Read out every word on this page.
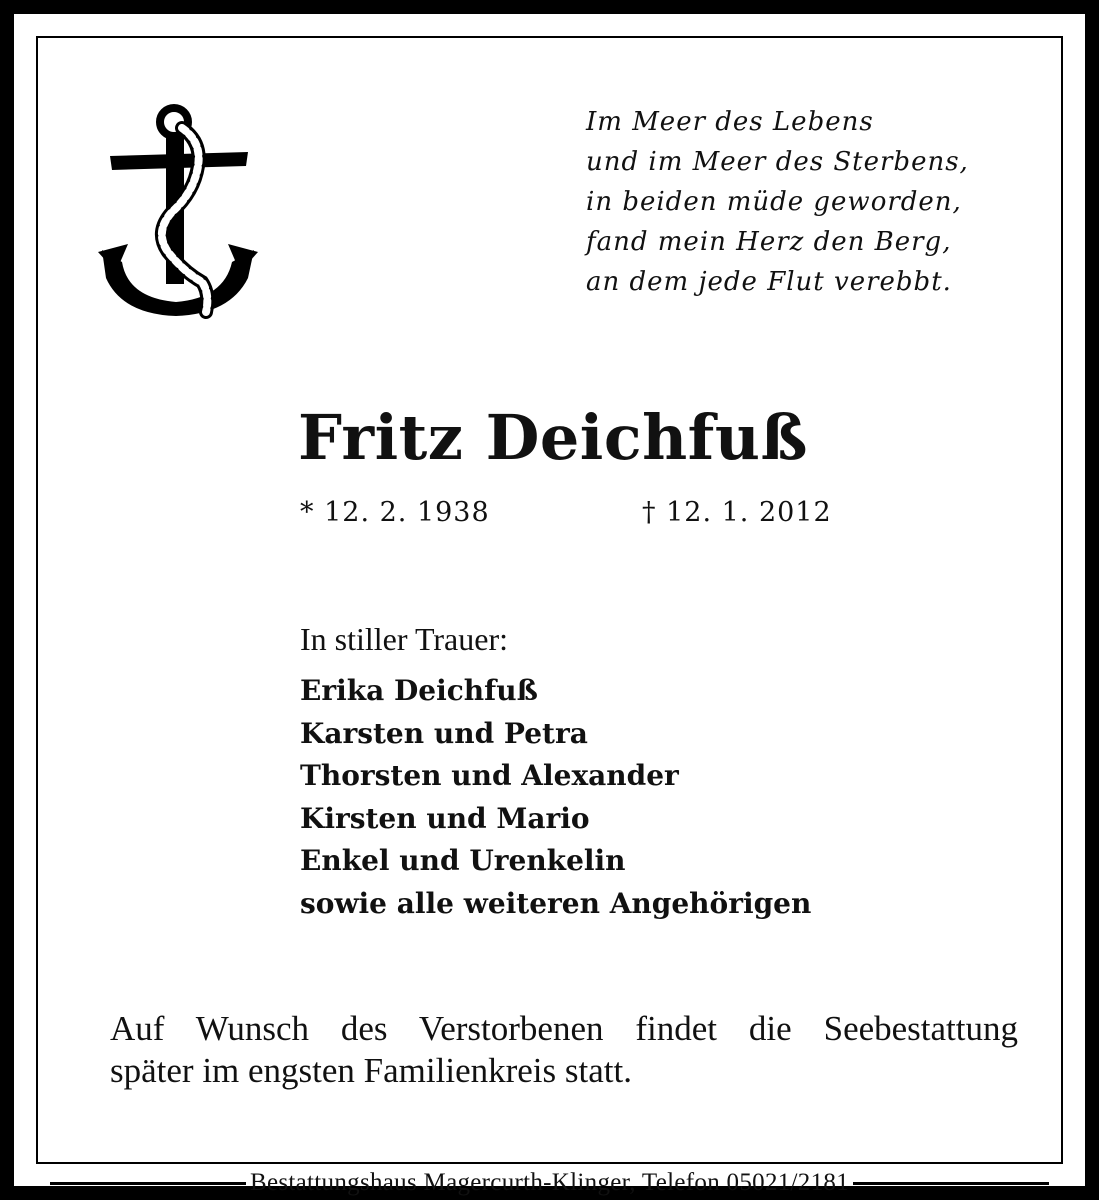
Im Meer des Lebens
und im Meer des Sterbens,
in beiden müde geworden,
fand mein Herz den Berg,
an dem jede Flut verebbt.
Fritz Deichfuß
* 12. 2. 1938	† 12. 1. 2012
In stiller Trauer:
Erika Deichfuß
Karsten und Petra
Thorsten und Alexander
Kirsten und Mario
Enkel und Urenkelin
sowie alle weiteren Angehörigen
Auf Wunsch des Verstorbenen findet die Seebestattung
später im engsten Familienkreis statt.
Bestattungshaus Magercurth-Klinger, Telefon 05021/2181
